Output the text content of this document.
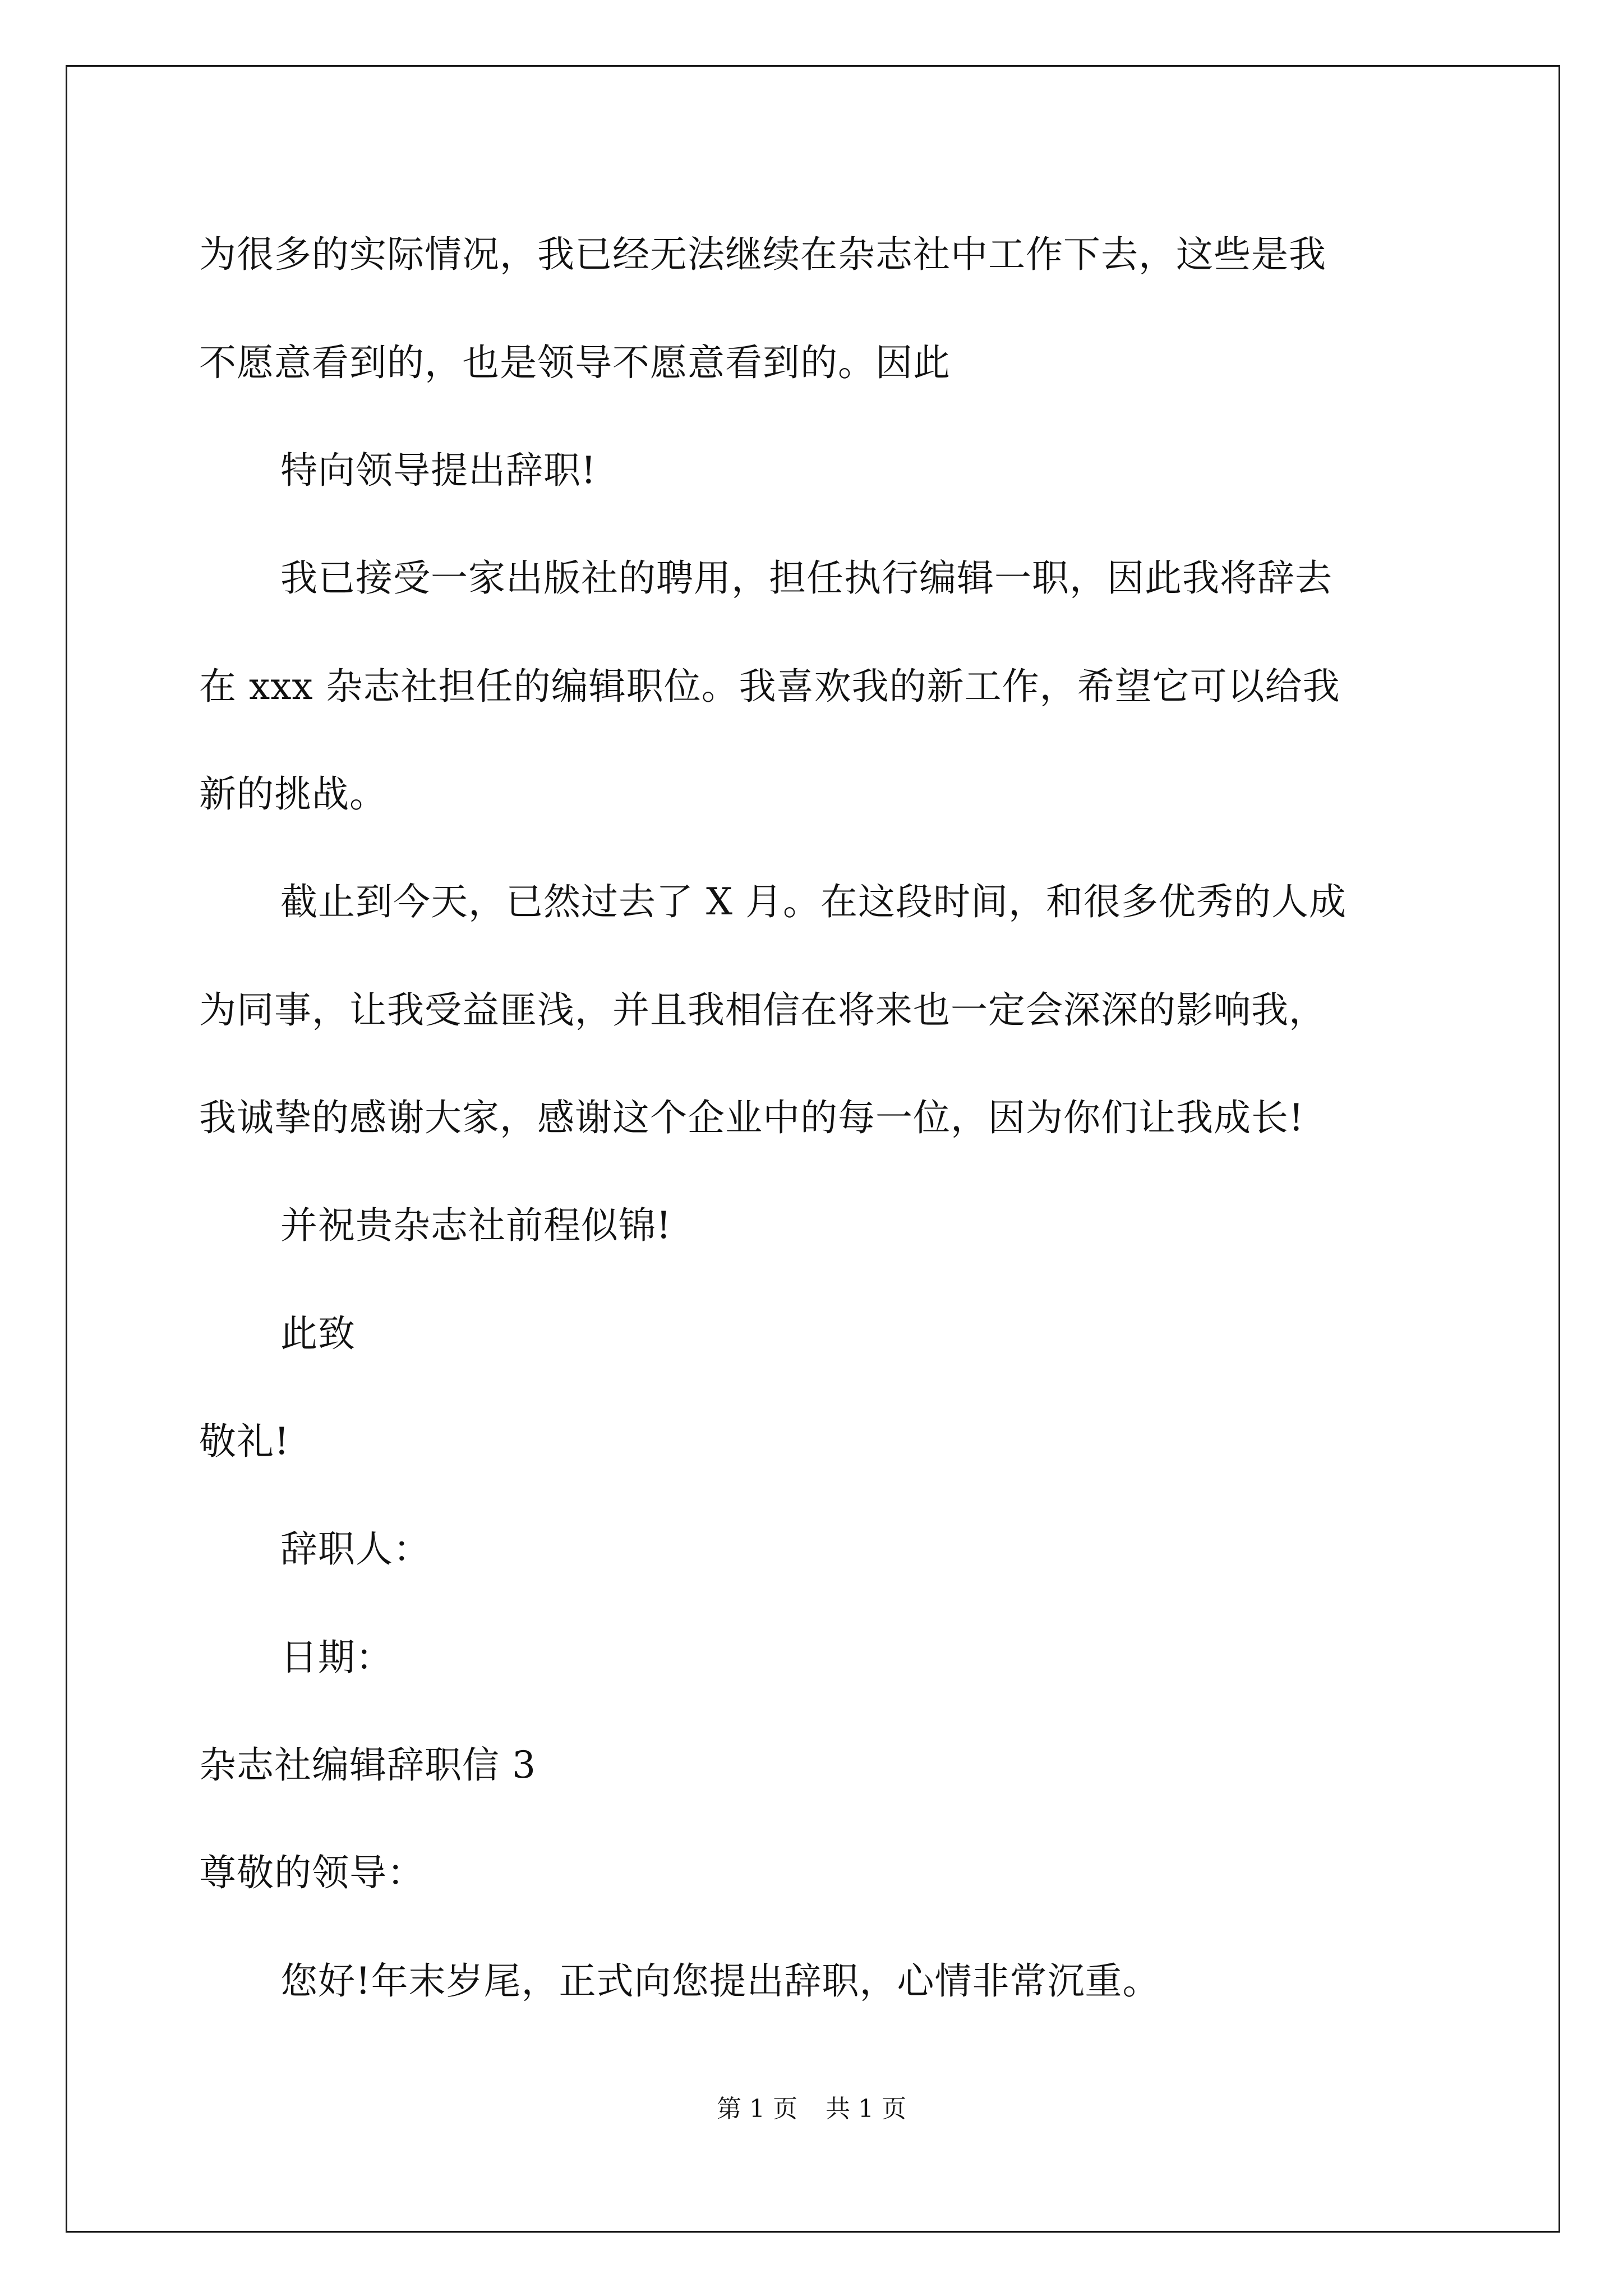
为很多的实际情况，我已经无法继续在杂志社中工作下去，这些是我
不愿意看到的，也是领导不愿意看到的。因此
特向领导提出辞职!
我已接受一家出版社的聘用，担任执行编辑一职，因此我将辞去
在 xxx 杂志社担任的编辑职位。我喜欢我的新工作，希望它可以给我
新的挑战。
截止到今天，已然过去了 X 月。在这段时间，和很多优秀的人成
为同事，让我受益匪浅，并且我相信在将来也一定会深深的影响我，
我诚挚的感谢大家，感谢这个企业中的每一位，因为你们让我成长!
并祝贵杂志社前程似锦!
此致
敬礼!
辞职人：
日期：
杂志社编辑辞职信 3
尊敬的领导：
您好!年末岁尾，正式向您提出辞职，心情非常沉重。
第 1 页 共 1 页
